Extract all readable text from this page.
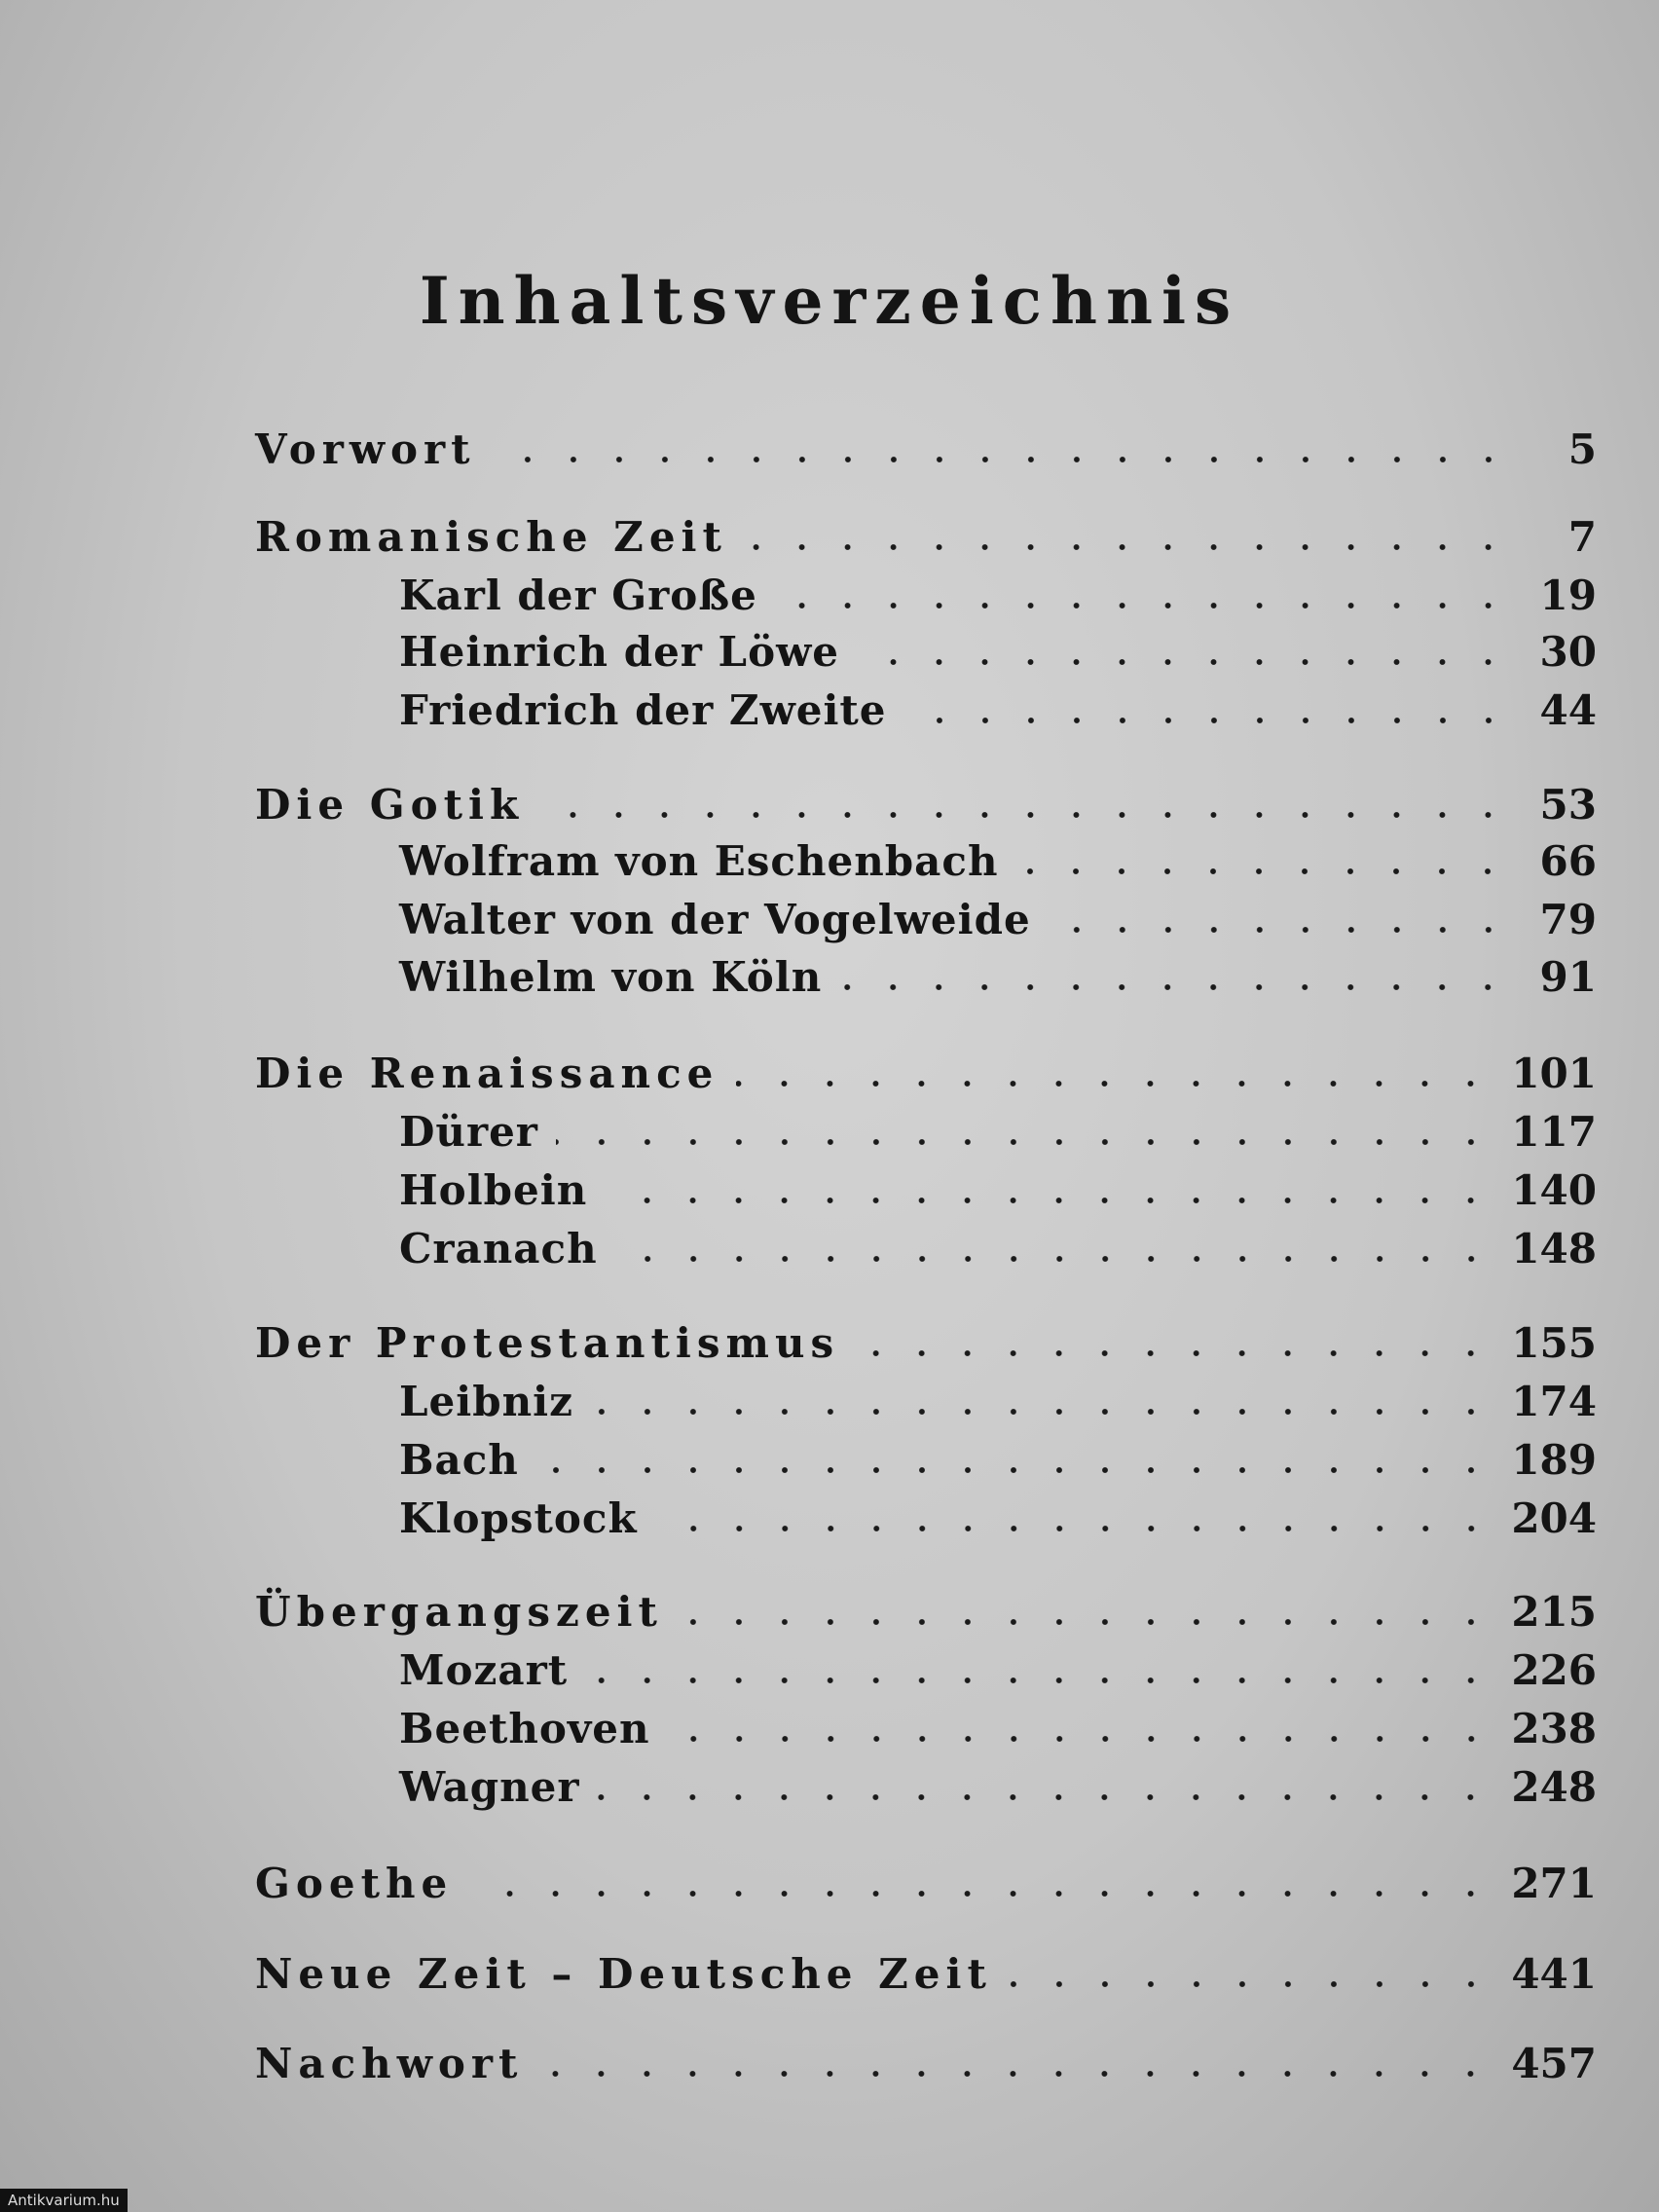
Inhaltsverzeichnis
Vorwort	5
Romanische Zeit	7
Karl der Große	19
Heinrich der Löwe	30
Friedrich der Zweite	44
Die Gotik	53
Wolfram von Eschenbach	66
Walter von der Vogelweide	79
Wilhelm von Köln	91
Die Renaissance	101
Dürer	117
Holbein	140
Cranach	148
Der Protestantismus	155
Leibniz	174
Bach	189
Klopstock	204
Übergangszeit	215
Mozart	226
Beethoven	238
Wagner	248
Goethe	271
Neue Zeit – Deutsche Zeit	441
Nachwort	457
Antikvarium.hu
